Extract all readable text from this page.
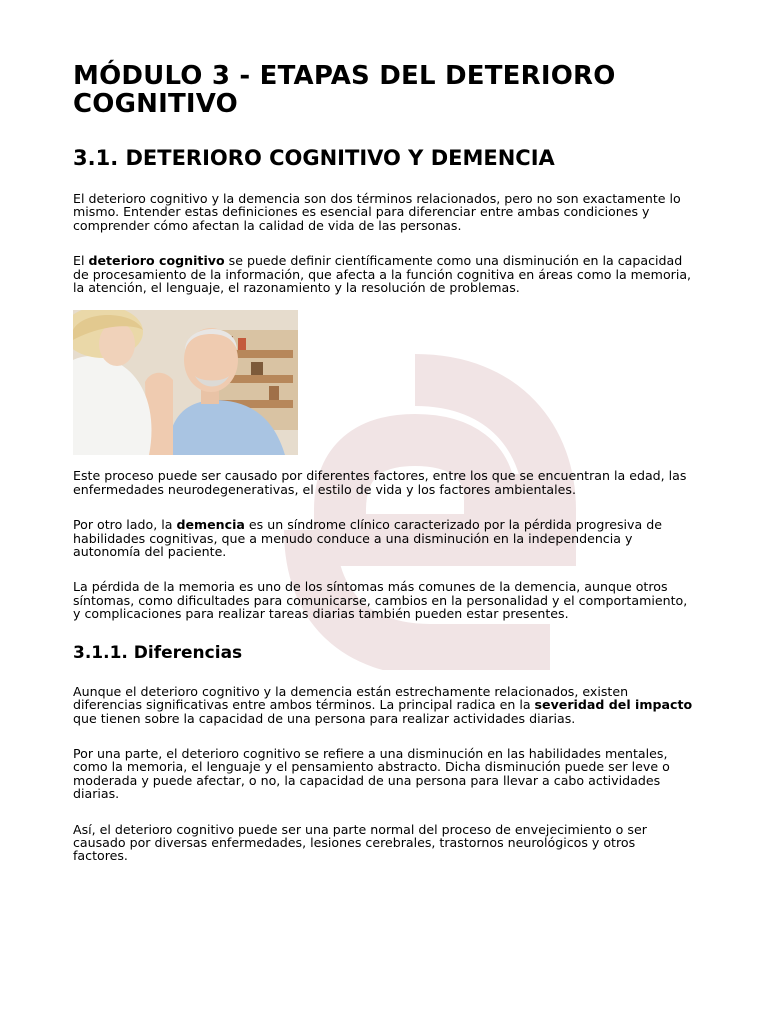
MÓDULO 3 - ETAPAS DEL DETERIORO COGNITIVO
3.1. DETERIORO COGNITIVO Y DEMENCIA

El deterioro cognitivo y la demencia son dos términos relacionados, pero no son exactamente lo mismo. Entender estas definiciones es esencial para diferenciar entre ambas condiciones y comprender cómo afectan la calidad de vida de las personas.

El deterioro cognitivo se puede definir científicamente como una disminución en la capacidad de procesamiento de la información, que afecta a la función cognitiva en áreas como la memoria, la atención, el lenguaje, el razonamiento y la resolución de problemas.

Este proceso puede ser causado por diferentes factores, entre los que se encuentran la edad, las enfermedades neurodegenerativas, el estilo de vida y los factores ambientales.

Por otro lado, la demencia es un síndrome clínico caracterizado por la pérdida progresiva de habilidades cognitivas, que a menudo conduce a una disminución en la independencia y autonomía del paciente.

La pérdida de la memoria es uno de los síntomas más comunes de la demencia, aunque otros síntomas, como dificultades para comunicarse, cambios en la personalidad y el comportamiento, y complicaciones para realizar tareas diarias también pueden estar presentes.

3.1.1. Diferencias

Aunque el deterioro cognitivo y la demencia están estrechamente relacionados, existen diferencias significativas entre ambos términos. La principal radica en la severidad del impacto que tienen sobre la capacidad de una persona para realizar actividades diarias.

Por una parte, el deterioro cognitivo se refiere a una disminución en las habilidades mentales, como la memoria, el lenguaje y el pensamiento abstracto. Dicha disminución puede ser leve o moderada y puede afectar, o no, la capacidad de una persona para llevar a cabo actividades diarias.

Así, el deterioro cognitivo puede ser una parte normal del proceso de envejecimiento o ser causado por diversas enfermedades, lesiones cerebrales, trastornos neurológicos y otros factores.
